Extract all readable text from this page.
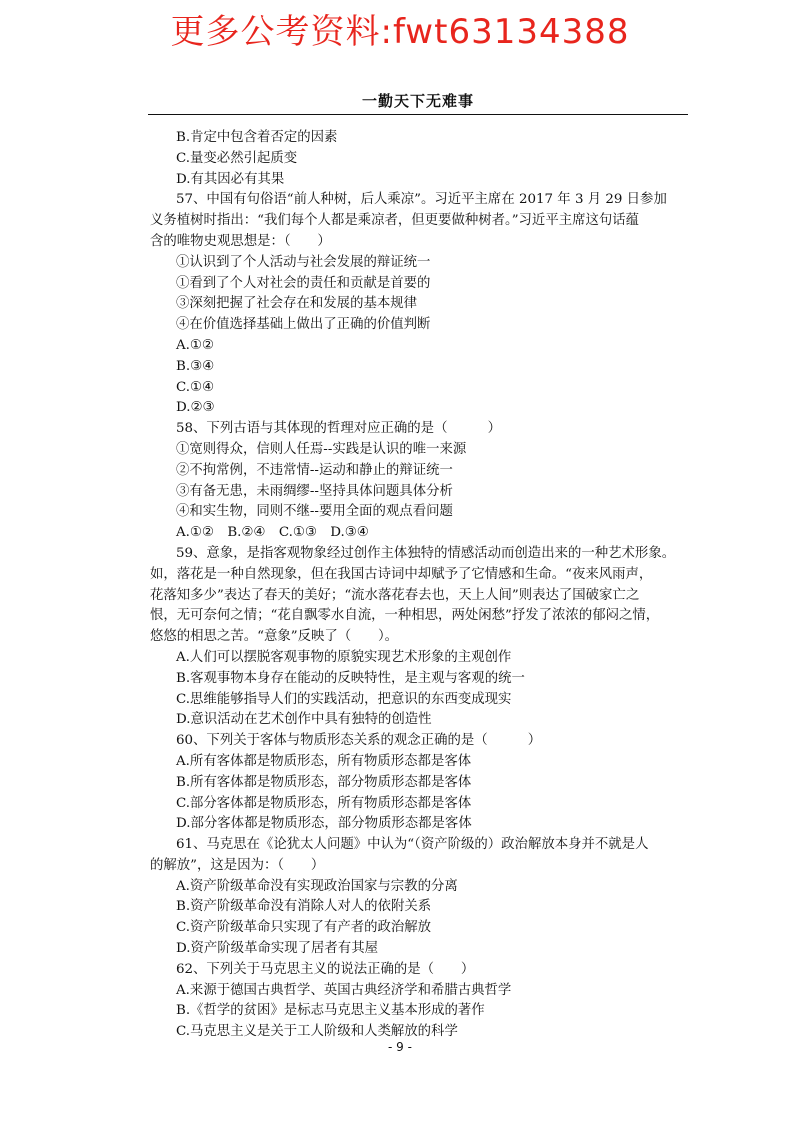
更多公考资料:fwt63134388
一勤天下无难事
B.肯定中包含着否定的因素
C.量变必然引起质变
D.有其因必有其果
57、中国有句俗语“前人种树，后人乘凉”。习近平主席在 2017 年 3 月 29 日参加
义务植树时指出：“我们每个人都是乘凉者，但更要做种树者。”习近平主席这句话蕴
含的唯物史观思想是：（　　）
①认识到了个人活动与社会发展的辩证统一
①看到了个人对社会的责任和贡献是首要的
③深刻把握了社会存在和发展的基本规律
④在价值选择基础上做出了正确的价值判断
A.①②
B.③④
C.①④
D.②③
58、下列古语与其体现的哲理对应正确的是（　　　）
①宽则得众，信则人任焉--实践是认识的唯一来源
②不拘常例，不违常情--运动和静止的辩证统一
③有备无患，未雨绸缪--坚持具体问题具体分析
④和实生物，同则不继--要用全面的观点看问题
A.①②　B.②④　C.①③　D.③④
59、意象，是指客观物象经过创作主体独特的情感活动而创造出来的一种艺术形象。
如，落花是一种自然现象，但在我国古诗词中却赋予了它情感和生命。“夜来风雨声，
花落知多少”表达了春天的美好；“流水落花春去也，天上人间”则表达了国破家亡之
恨，无可奈何之情；“花自飘零水自流，一种相思，两处闲愁”抒发了浓浓的郁闷之情，
悠悠的相思之苦。“意象”反映了（　　）。
A.人们可以摆脱客观事物的原貌实现艺术形象的主观创作
B.客观事物本身存在能动的反映特性，是主观与客观的统一
C.思维能够指导人们的实践活动，把意识的东西变成现实
D.意识活动在艺术创作中具有独特的创造性
60、下列关于客体与物质形态关系的观念正确的是（　　　）
A.所有客体都是物质形态，所有物质形态都是客体
B.所有客体都是物质形态，部分物质形态都是客体
C.部分客体都是物质形态，所有物质形态都是客体
D.部分客体都是物质形态，部分物质形态都是客体
61、马克思在《论犹太人问题》中认为“（资产阶级的）政治解放本身并不就是人
的解放”，这是因为：（　　）
A.资产阶级革命没有实现政治国家与宗教的分离
B.资产阶级革命没有消除人对人的依附关系
C.资产阶级革命只实现了有产者的政治解放
D.资产阶级革命实现了居者有其屋
62、下列关于马克思主义的说法正确的是（　　）
A.来源于德国古典哲学、英国古典经济学和希腊古典哲学
B.《哲学的贫困》是标志马克思主义基本形成的著作
C.马克思主义是关于工人阶级和人类解放的科学
- 9 -
